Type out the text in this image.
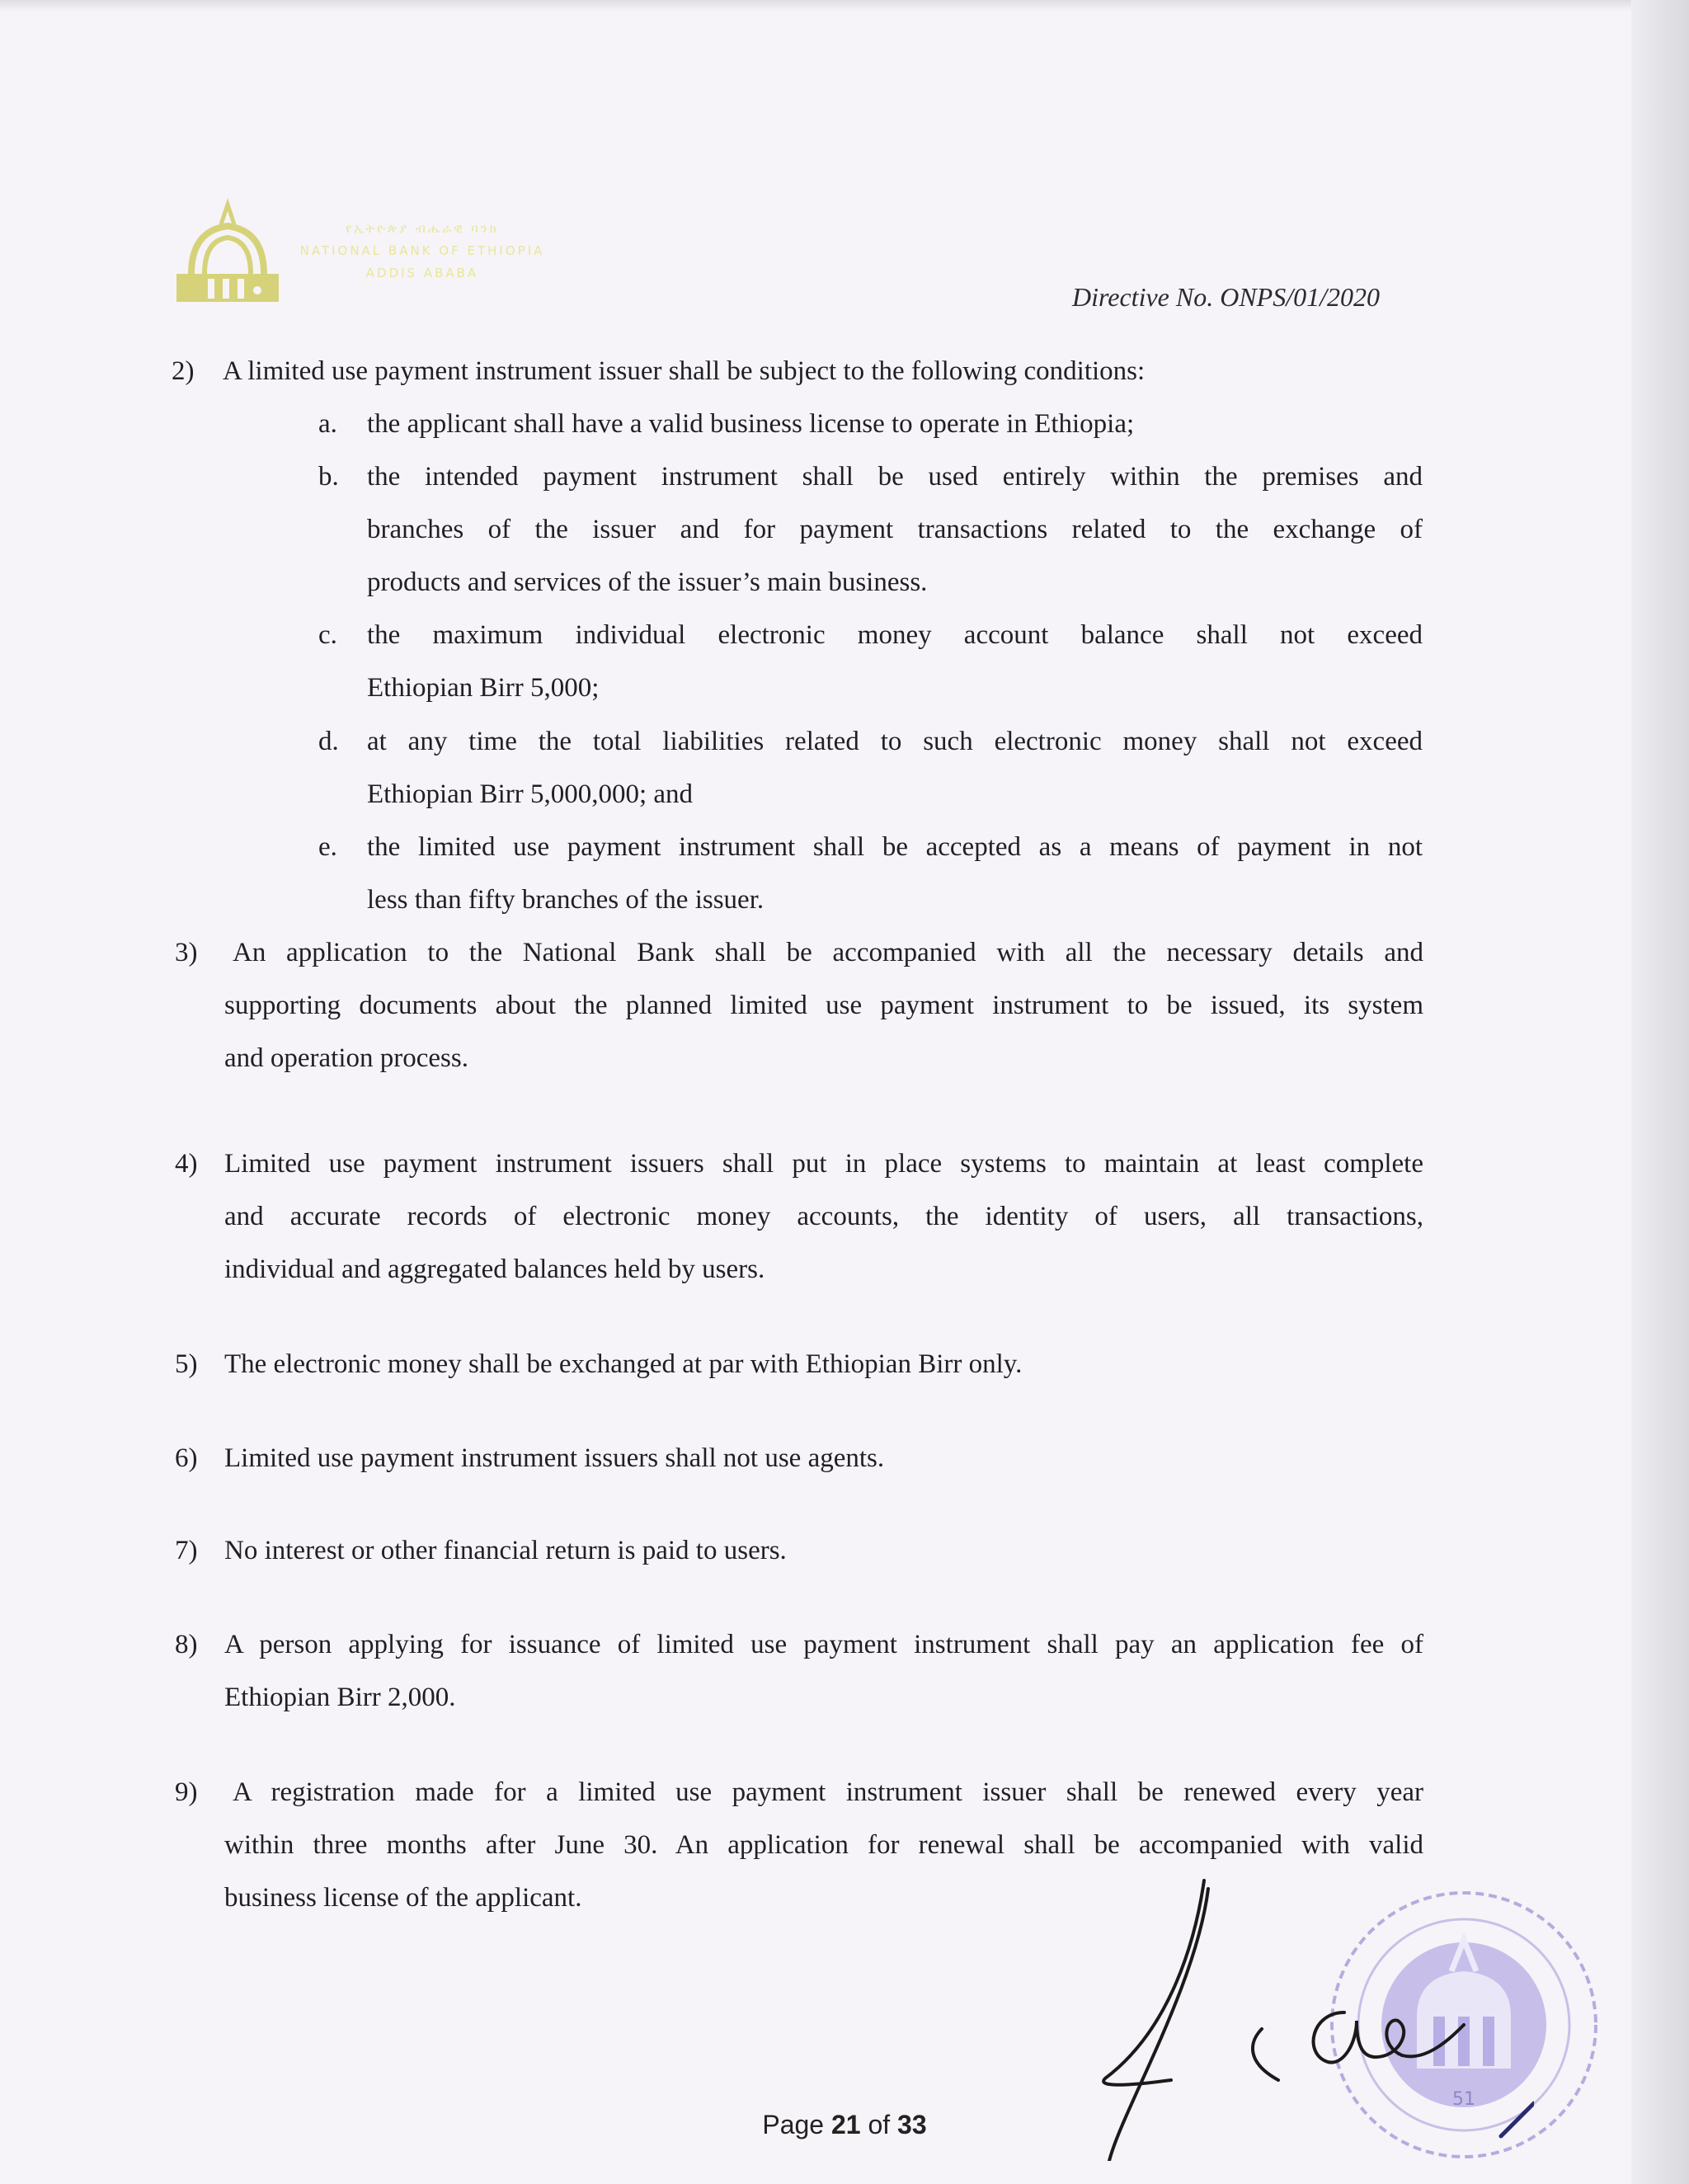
የኢትዮጵያ ብሔራዊ ባንክ
NATIONAL BANK OF ETHIOPIA
ADDIS ABABA
Directive No. ONPS/01/2020
2) A limited use payment instrument issuer shall be subject to the following conditions:
a. the applicant shall have a valid business license to operate in Ethiopia;
b. the intended payment instrument shall be used entirely within the premises and
branches of the issuer and for payment transactions related to the exchange of
products and services of the issuer’s main business.
c. the maximum individual electronic money account balance shall not exceed
Ethiopian Birr 5,000;
d. at any time the total liabilities related to such electronic money shall not exceed
Ethiopian Birr 5,000,000; and
e. the limited use payment instrument shall be accepted as a means of payment in not
less than fifty branches of the issuer.
3) An application to the National Bank shall be accompanied with all the necessary details and
supporting documents about the planned limited use payment instrument to be issued, its system
and operation process.
4) Limited use payment instrument issuers shall put in place systems to maintain at least complete
and accurate records of electronic money accounts, the identity of users, all transactions,
individual and aggregated balances held by users.
5) The electronic money shall be exchanged at par with Ethiopian Birr only.
6) Limited use payment instrument issuers shall not use agents.
7) No interest or other financial return is paid to users.
8) A person applying for issuance of limited use payment instrument shall pay an application fee of
Ethiopian Birr 2,000.
9) A registration made for a limited use payment instrument issuer shall be renewed every year
within three months after June 30. An application for renewal shall be accompanied with valid
business license of the applicant.
51
Page 21 of 33
